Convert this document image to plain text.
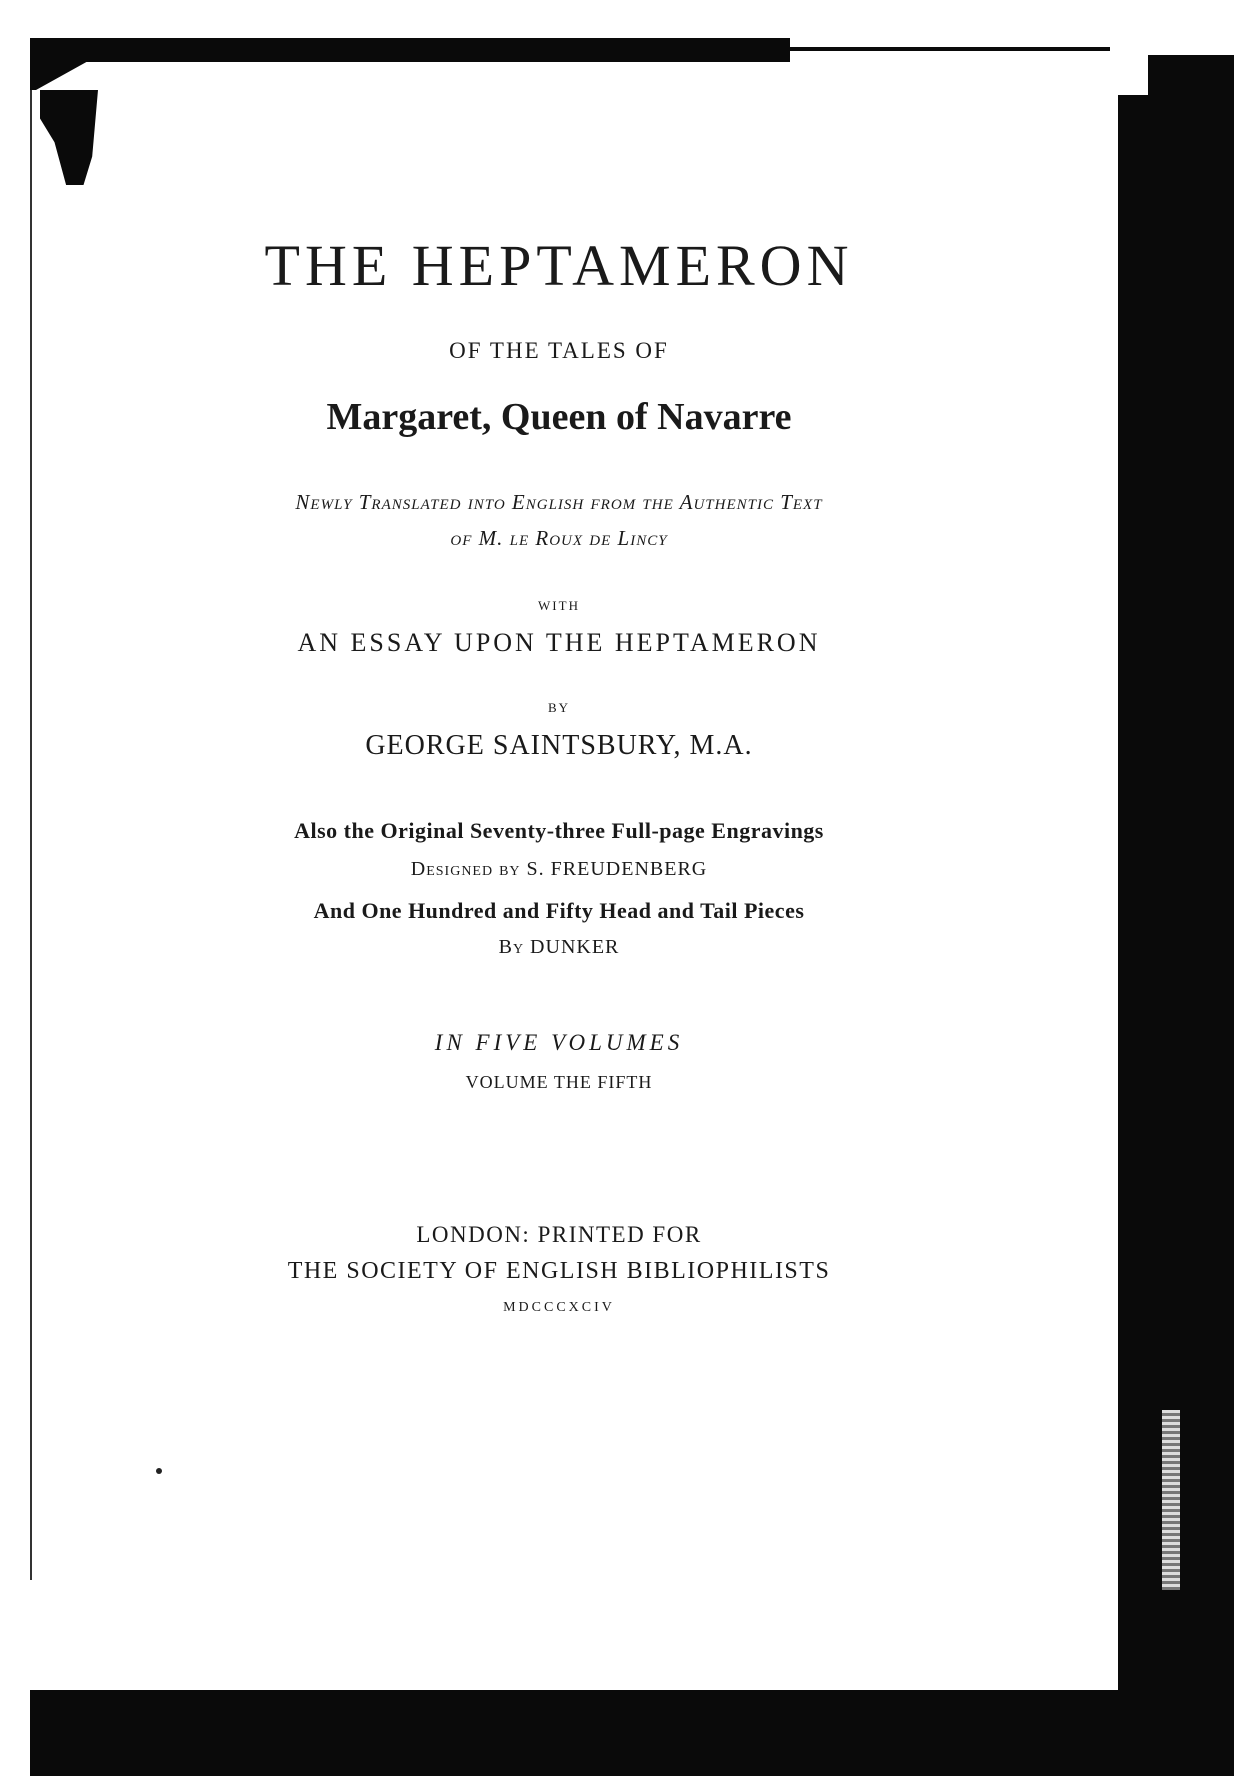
THE HEPTAMERON
OF THE TALES OF
Margaret, Queen of Navarre
Newly Translated into English from the Authentic Text
of M. le Roux de Lincy
WITH
AN ESSAY UPON THE HEPTAMERON
BY
GEORGE SAINTSBURY, M.A.
Also the Original Seventy-three Full-page Engravings
Designed by S. FREUDENBERG
And One Hundred and Fifty Head and Tail Pieces
By DUNKER
IN FIVE VOLUMES
VOLUME THE FIFTH
LONDON: PRINTED FOR
THE SOCIETY OF ENGLISH BIBLIOPHILISTS
MDCCCXCIV
